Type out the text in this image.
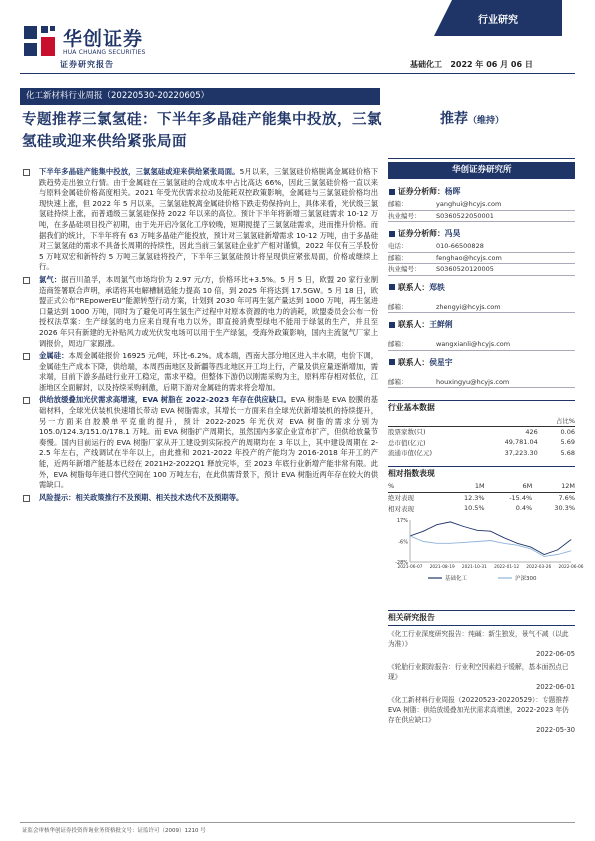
华创证券
HUA CHUANG SECURITIES
证券研究报告
行业研究
基础化工 2022 年 06 月 06 日
化工新材料行业周报（20220530-20220605）
专题推荐三氯氢硅：下半年多晶硅产能集中投放，三氯氢硅或迎来供给紧张局面
推荐（维持）
下半年多晶硅产能集中投放，三氯氢硅或迎来供给紧张局面。5月以来，三氯氢硅价格脱离金属硅价格下跌趋势走出独立行情。由于金属硅在三氯氢硅的合成成本中占比高达 66%，因此三氯氢硅价格一直以来与原料金属硅价格高度相关。2021 年受光伏需求拉动及能耗双控政策影响，金属硅与三氯氢硅价格均出现快速上涨，但 2022 年 5 月以来，三氯氢硅脱离金属硅价格下跌走势保持向上，具体来看，光伏级三氯氢硅持续上涨，而普通级三氯氢硅保持 2022 年以来的高位。预计下半年将新增三氯氢硅需求 10-12 万吨，在多晶硅项目投产初期，由于先开启冷氢化工序较晚，短期搅提了三氯氢硅需求，进而推升价格。而据我们的统计，下半年将有 63 万吨多晶硅产能投放，预计对三氯氢硅新增需求 10-12 万吨，由于多晶硅对三氯氢硅的需求不具备长周期的持续性，因此当前三氯氢硅企业扩产相对谨慎，2022 年仅有三孚股份 5 万吨双宏和新特约 5 万吨三氯氢硅将投产，下半年三氯氢硅预计将呈现供应紧张局面，价格或继续上行。
氯气：据百川盈孚，本周氯气市场均价为 2.97 元/方，价格环比+3.5%。5 月 5 日，欧盟 20 家行业制造商签署联合声明，承诺将其电解槽制造能力提高 10 倍，到 2025 年将达到 17.5GW。5 月 18 日，欧盟正式公布“REpowerEU”能源转型行动方案，计划到 2030 年可再生氢产量达到 1000 万吨，再生氢进口量达到 1000 万吨，同时为了避免可再生氢生产过程中对原本资源的电力的消耗，欧盟委员会公布一份授权法草案：生产绿氢的电力应来自现有电力以外，即直接消费型绿电不能用于绿氢的生产，并且至 2026 年只有新建的无补贴风力或光伏发电场可以用于生产绿氢，受海外政策影响，国内主流氢气厂家上调报价，周边厂家跟涨。
金属硅：本周金属硅报价 16925 元/吨，环比-6.2%。成本端，西南大部分地区进入丰水期，电价下调，金属硅生产成本下降，供给端，本周西南地区及新疆等西北地区开工均上行，产量及供应量逐渐增加，需求端，目前下游多晶硅行业开工稳定，需求平稳，但整体下游仍以刚需采购为主，原料库存相对低位，江浙地区全面解封，以及持续采购刺激，后期下游对金属硅的需求将会增加。
供给放缓叠加光伏需求高增速，EVA 树脂在 2022-2023 年存在供应缺口。EVA 树脂是 EVA 胶膜的基础材料，全球光伏装机快速增长带动 EVA 树脂需求，其增长一方面来自全球光伏新增装机的持续提升，另一方面来自胶膜单平克重的提升，预计 2022-2025 年光伏对 EVA 树脂的需求分别为 105.0/124.3/151.0/178.1 万吨。而 EVA 树脂扩产周期长，虽然国内多家企业宣布扩产，但供给放量节奏慢。国内目前运行的 EVA 树脂厂家从开工建设到实际投产的周期均在 3 年以上，其中建设周期在 2-2.5 年左右，产线调试在半年以上，由此推和 2021-2022 年投产的产能均为 2016-2018 年开工的产能，近两年新增产能基本已经在 2021H2-2022Q1 释放完毕，至 2023 年底行业新增产能非常有限。此外，EVA 树脂每年进口替代空间在 100 万吨左右，在此供需背景下，预计 EVA 树脂近两年存在较大的供需缺口。
风险提示：相关政策推行不及预期、相关技术迭代不及预期等。
华创证券研究所
证券分析师：杨晖
邮箱：	yanghui@hcyjs.com
执业编号： S0360522050001
证券分析师：冯昊
电话：	010-66500828
邮箱：	fenghao@hcyjs.com
执业编号： S0360520120005
联系人：郑轶
邮箱：	zhengyi@hcyjs.com
联系人：王鲜俐
邮箱：	wangxianli@hcyjs.com
联系人：侯星宇
邮箱：	houxingyu@hcyjs.com
行业基本数据
		占比%
股票家数(只)	426	0.06
总市值(亿元)	49,781.04	5.69
流通市值(亿元)	37,223.30	5.68
相对指数表现
%	1M	6M	12M
绝对表现	12.3%	-15.4%	7.6%
相对表现	10.5%	0.4%	30.3%
17%
-6%
-28%
2021-06-07 2021-08-19 2021-10-31 2022-01-12 2022-03-26 2022-06-06
基础化工	沪深300
相关研究报告
《化工行业深度研究报告：纯碱：新生独发，景气不减（以此为准）》
2022-06-05
《轮胎行业跟踪报告：行业利空因素趋于缓解，基本面拐点已现》
2022-06-01
《化工新材料行业周报（20220523-20220529）：专题推荐 EVA 树脂：供给放缓叠加光伏需求高增速，2022-2023 年仍存在供应缺口》
2022-05-30
证监会审核华创证券投资咨询业务资格批文号：证监许可（2009）1210 号
